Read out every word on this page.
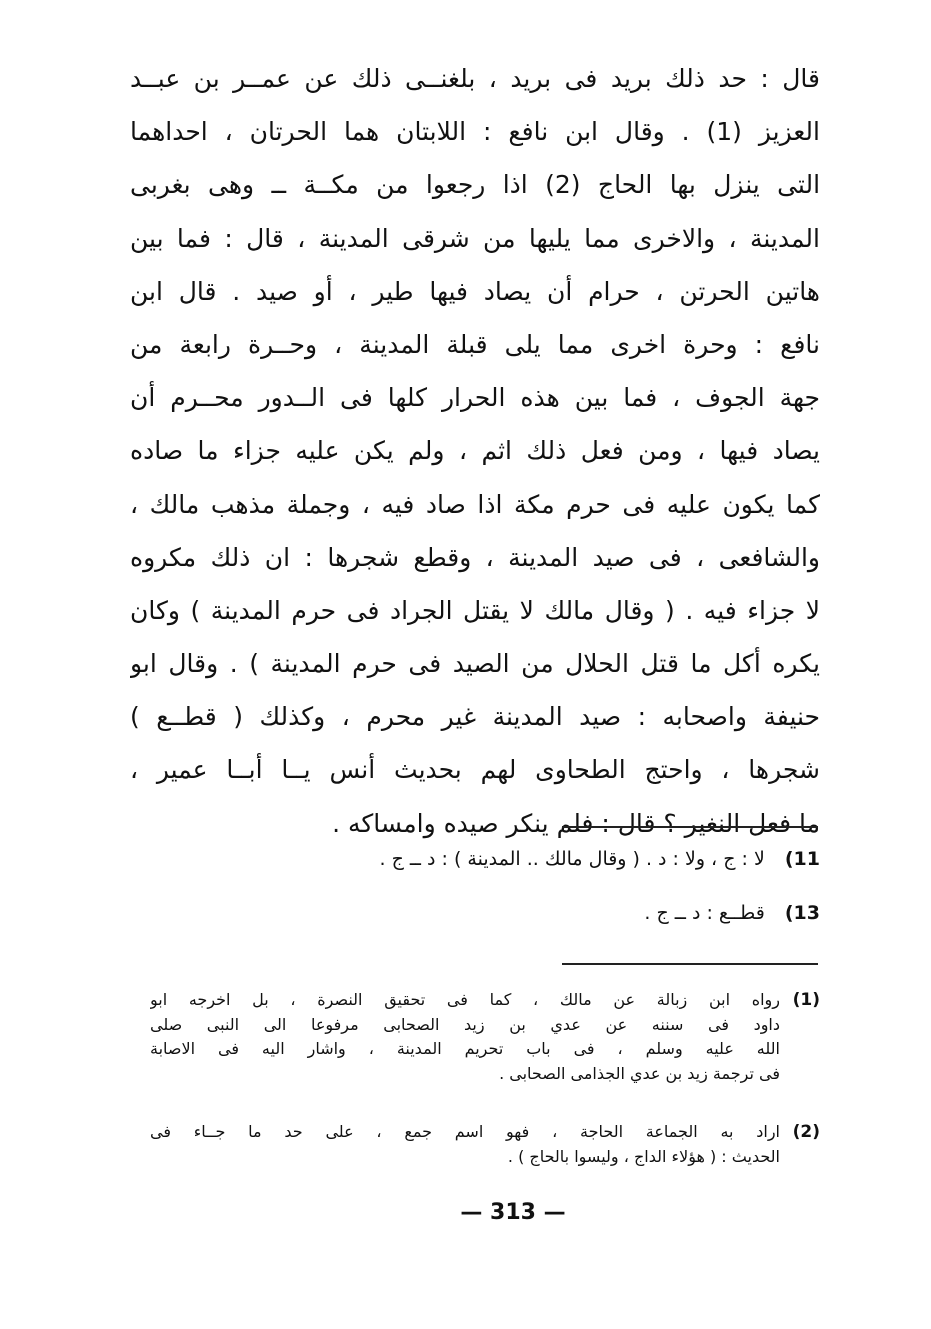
قال : حد ذلك بريد فى بريد ، بلغنــى ذلك عن عمــر بن عبــد
العزيز (1) . وقال ابن نافع : اللابتان هما الحرتان ، احداهما
التى ينزل بها الحاج (2) اذا رجعوا من مكــة ــ وهى بغربى
المدينة ، والاخرى مما يليها من شرقى المدينة ، قال : فما بين
هاتين الحرتن ، حرام أن يصاد فيها طير ، أو صيد . قال ابن
نافع : وحرة اخرى مما يلى قبلة المدينة ، وحــرة رابعة من
جهة الجوف ، فما بين هذه الحرار كلها فى الــدور محــرم أن
يصاد فيها ، ومن فعل ذلك اثم ، ولم يكن عليه جزاء ما صاده
كما يكون عليه فى حرم مكة اذا صاد فيه ، وجملة مذهب مالك ،
والشافعى ، فى صيد المدينة ، وقطع شجرها : ان ذلك مكروه
لا جزاء فيه . ( وقال مالك لا يقتل الجراد فى حرم المدينة ) وكان
يكره أكل ما قتل الحلال من الصيد فى حرم المدينة ) . وقال ابو
حنيفة واصحابه : صيد المدينة غير محرم ، وكذلك ( قطــع )
شجرها ، واحتج الطحاوى لهم بحديث أنس يــا أبــا عمير ،
ما فعل النغير ؟ قال : فلم ينكر صيده وامساكه .
11) لا : ج ، ولا : د . ( وقال مالك .. المدينة ) : د ــ ج .
13) قطــع : د ــ ج .
(1)
رواه ابن زبالة عن مالك ، كما فى تحقيق النصرة ، بل اخرجه ابو
داود فى سننه عن عدي بن زيد الصحابى مرفوعا الى النبى صلى
الله عليه وسلم ، فى باب تحريم المدينة ، واشار اليه فى الاصابة
فى ترجمة زيد بن عدي الجذامى الصحابى .
(2)
اراد به الجماعة الحاجة ، فهو اسم جمع ، على حد ما جــاء فى
الحديث : ( هؤلاء الداج ، وليسوا بالحاج ) .
— 313 —
